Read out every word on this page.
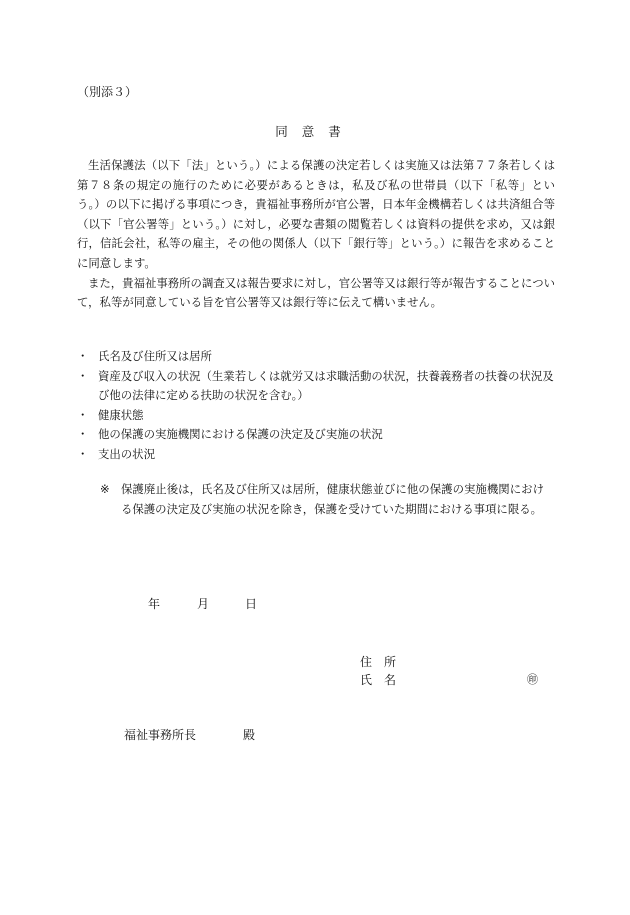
（別添３）
同意書

生活保護法（以下「法」という。）による保護の決定若しくは実施又は法第７７条若しくは第７８条の規定の施行のために必要があるときは，私及び私の世帯員（以下「私等」という。）の以下に掲げる事項につき，貴福祉事務所が官公署，日本年金機構若しくは共済組合等（以下「官公署等」という。）に対し，必要な書類の閲覧若しくは資料の提供を求め，又は銀行，信託会社，私等の雇主，その他の関係人（以下「銀行等」という。）に報告を求めることに同意します。

また，貴福祉事務所の調査又は報告要求に対し，官公署等又は銀行等が報告することについて，私等が同意している旨を官公署等又は銀行等に伝えて構いません。

・ 氏名及び住所又は居所
・ 資産及び収入の状況（生業若しくは就労又は求職活動の状況，扶養義務者の扶養の状況及び他の法律に定める扶助の状況を含む。）
・ 健康状態
・ 他の保護の実施機関における保護の決定及び実施の状況
・ 支出の状況
※ 保護廃止後は，氏名及び住所又は居所，健康状態並びに他の保護の実施機関における保護の決定及び実施の状況を除き，保護を受けていた期間における事項に限る。
年	月	日
住所
氏名	㊞
福祉事務所長	殿
